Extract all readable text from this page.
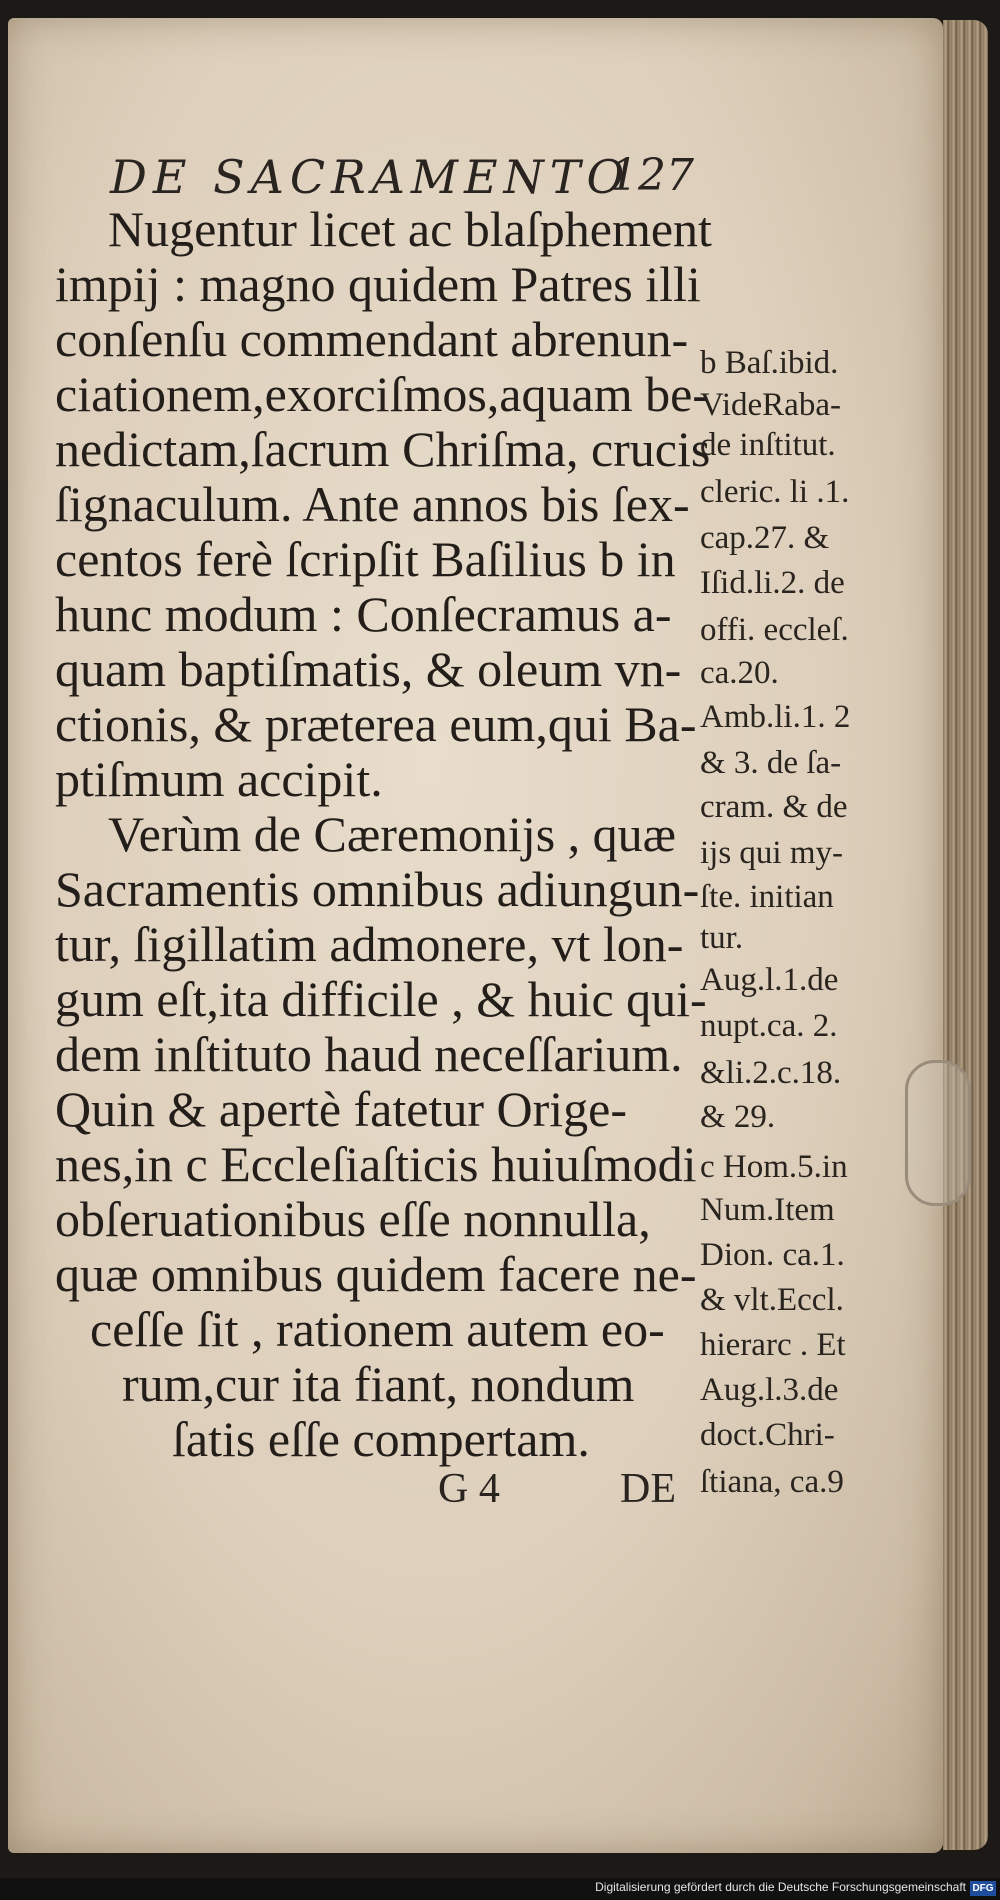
DE SACRAMENTO
127
Nugentur licet ac blaſphement
impij : magno quidem Patres illi
conſenſu commendant abrenun-
ciationem,exorciſmos,aquam be-
nedictam,ſacrum Chriſma, crucis
ſignaculum. Ante annos bis ſex-
centos ferè ſcripſit Baſilius b in
hunc modum : Conſecramus a-
quam baptiſmatis, & oleum vn-
ctionis, & præterea eum,qui Ba-
ptiſmum accipit.
Verùm de Cæremonijs , quæ
Sacramentis omnibus adiungun-
tur, ſigillatim admonere, vt lon-
gum eſt,ita difficile , & huic qui-
dem inſtituto haud neceſſarium.
Quin & apertè fatetur Orige-
nes,in c Eccleſiaſticis huiuſmodi
obſeruationibus eſſe nonnulla,
quæ omnibus quidem facere ne-
ceſſe ſit , rationem autem eo-
rum,cur ita fiant, nondum
ſatis eſſe compertam.
b Baſ.ibid.
VideRaba-
de inſtitut.
cleric. li .1.
cap.27. &
Iſid.li.2. de
offi. eccleſ.
ca.20.
Amb.li.1. 2
& 3. de ſa-
cram. & de
ijs qui my-
ſte. initian
tur.
Aug.l.1.de
nupt.ca. 2.
&li.2.c.18.
& 29.
c Hom.5.in
Num.Item
Dion. ca.1.
& vlt.Eccl.
hierarc . Et
Aug.l.3.de
doct.Chri-
ſtiana, ca.9
G 4	DE
Digitalisierung gefördert durch die Deutsche Forschungsgemeinschaft DFG
